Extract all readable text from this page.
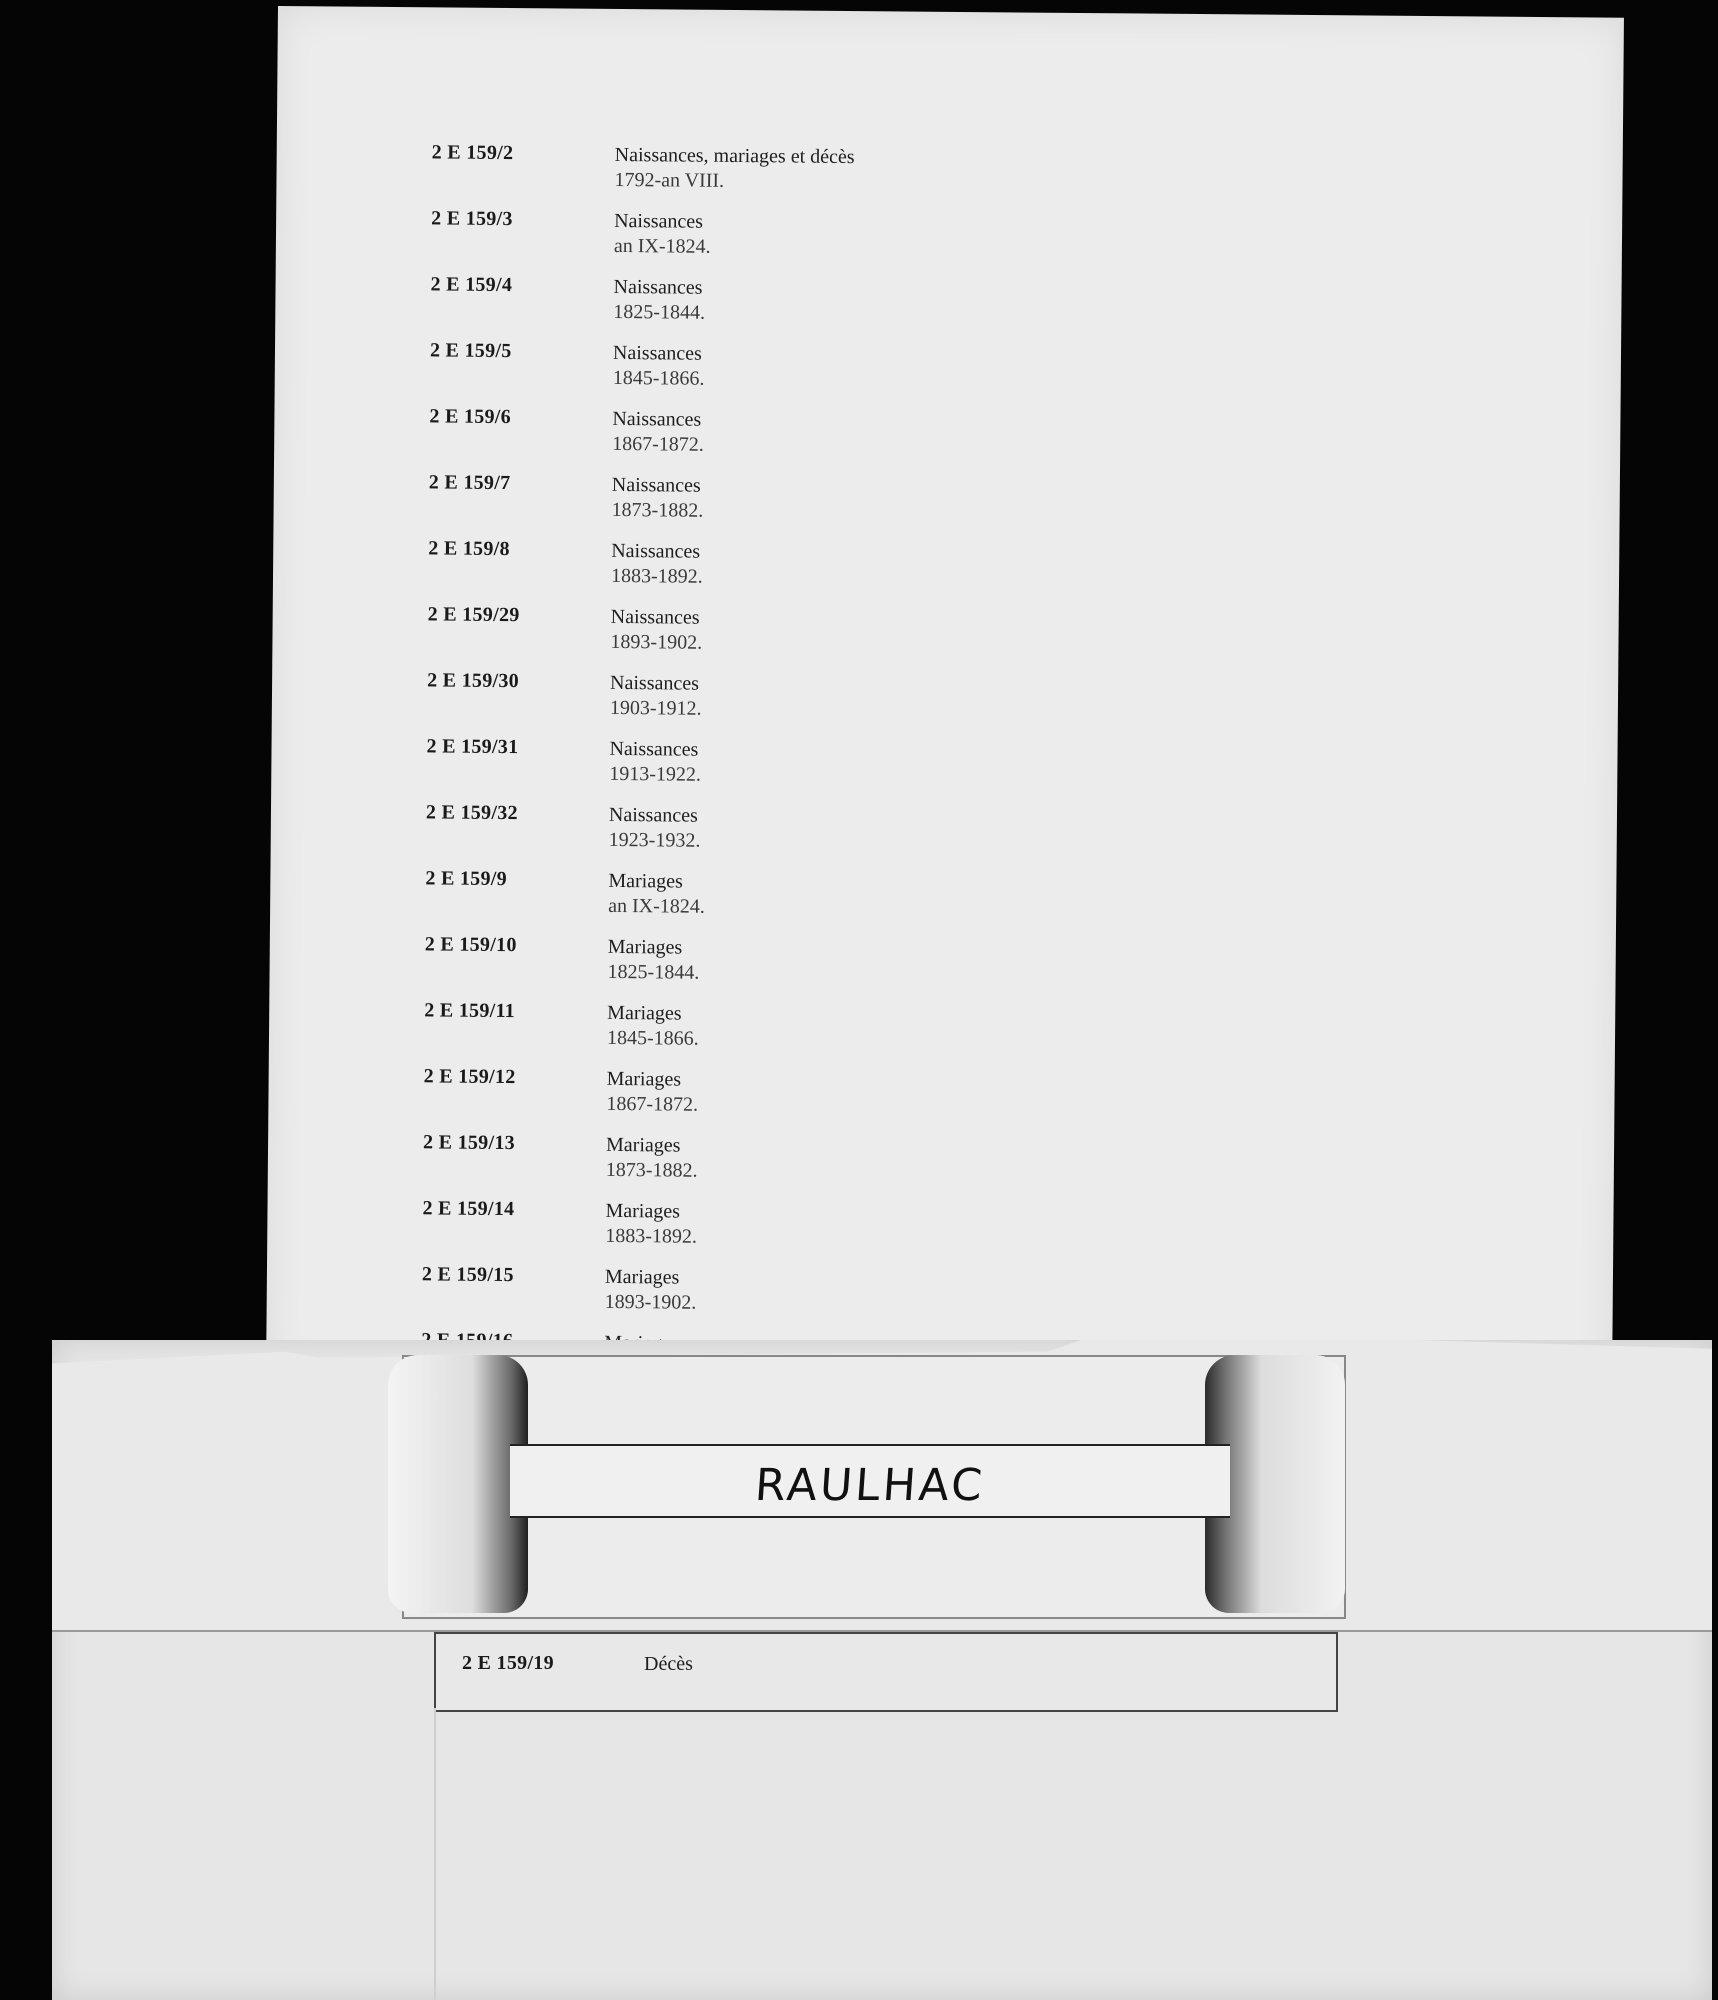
2 E 159/2	Naissances, mariages et décès
1792-an VIII.
2 E 159/3	Naissances
an IX-1824.
2 E 159/4	Naissances
1825-1844.
2 E 159/5	Naissances
1845-1866.
2 E 159/6	Naissances
1867-1872.
2 E 159/7	Naissances
1873-1882.
2 E 159/8	Naissances
1883-1892.
2 E 159/29	Naissances
1893-1902.
2 E 159/30	Naissances
1903-1912.
2 E 159/31	Naissances
1913-1922.
2 E 159/32	Naissances
1923-1932.
2 E 159/9	Mariages
an IX-1824.
2 E 159/10	Mariages
1825-1844.
2 E 159/11	Mariages
1845-1866.
2 E 159/12	Mariages
1867-1872.
2 E 159/13	Mariages
1873-1882.
2 E 159/14	Mariages
1883-1892.
2 E 159/15	Mariages
1893-1902.
RAULHAC
2 E 159/19	Décès
